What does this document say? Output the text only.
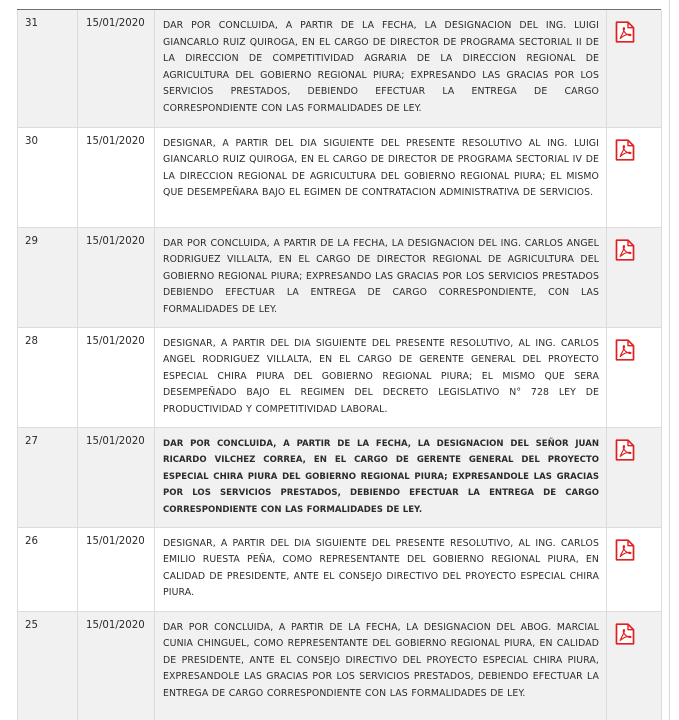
31	15/01/2020	DAR POR CONCLUIDA, A PARTIR DE LA FECHA, LA DESIGNACION DEL ING. LUIGI GIANCARLO RUIZ QUIROGA, EN EL CARGO DE DIRECTOR DE PROGRAMA SECTORIAL II DE LA DIRECCION DE COMPETITIVIDAD AGRARIA DE LA DIRECCION REGIONAL DE AGRICULTURA DEL GOBIERNO REGIONAL PIURA; EXPRESANDO LAS GRACIAS POR LOS SERVICIOS PRESTADOS, DEBIENDO EFECTUAR LA ENTREGA DE CARGO CORRESPONDIENTE CON LAS FORMALIDADES DE LEY.

30	15/01/2020	DESIGNAR, A PARTIR DEL DIA SIGUIENTE DEL PRESENTE RESOLUTIVO AL ING. LUIGI GIANCARLO RUIZ QUIROGA, EN EL CARGO DE DIRECTOR DE PROGRAMA SECTORIAL IV DE LA DIRECCION REGIONAL DE AGRICULTURA DEL GOBIERNO REGIONAL PIURA; EL MISMO QUE DESEMPEÑARA BAJO EL EGIMEN DE CONTRATACION ADMINISTRATIVA DE SERVICIOS.

29	15/01/2020	DAR POR CONCLUIDA, A PARTIR DE LA FECHA, LA DESIGNACION DEL ING. CARLOS ANGEL RODRIGUEZ VILLALTA, EN EL CARGO DE DIRECTOR REGIONAL DE AGRICULTURA DEL GOBIERNO REGIONAL PIURA; EXPRESANDO LAS GRACIAS POR LOS SERVICIOS PRESTADOS DEBIENDO EFECTUAR LA ENTREGA DE CARGO CORRESPONDIENTE, CON LAS FORMALIDADES DE LEY.

28	15/01/2020	DESIGNAR, A PARTIR DEL DIA SIGUIENTE DEL PRESENTE RESOLUTIVO, AL ING. CARLOS ANGEL RODRIGUEZ VILLALTA, EN EL CARGO DE GERENTE GENERAL DEL PROYECTO ESPECIAL CHIRA PIURA DEL GOBIERNO REGIONAL PIURA; EL MISMO QUE SERA DESEMPEÑADO BAJO EL REGIMEN DEL DECRETO LEGISLATIVO N° 728 LEY DE PRODUCTIVIDAD Y COMPETITIVIDAD LABORAL.

27	15/01/2020	DAR POR CONCLUIDA, A PARTIR DE LA FECHA, LA DESIGNACION DEL SEÑOR JUAN RICARDO VILCHEZ CORREA, EN EL CARGO DE GERENTE GENERAL DEL PROYECTO ESPECIAL CHIRA PIURA DEL GOBIERNO REGIONAL PIURA; EXPRESANDOLE LAS GRACIAS POR LOS SERVICIOS PRESTADOS, DEBIENDO EFECTUAR LA ENTREGA DE CARGO CORRESPONDIENTE CON LAS FORMALIDADES DE LEY.

26	15/01/2020	DESIGNAR, A PARTIR DEL DIA SIGUIENTE DEL PRESENTE RESOLUTIVO, AL ING. CARLOS EMILIO RUESTA PEÑA, COMO REPRESENTANTE DEL GOBIERNO REGIONAL PIURA, EN CALIDAD DE PRESIDENTE, ANTE EL CONSEJO DIRECTIVO DEL PROYECTO ESPECIAL CHIRA PIURA.

25	15/01/2020	DAR POR CONCLUIDA, A PARTIR DE LA FECHA, LA DESIGNACION DEL ABOG. MARCIAL CUNIA CHINGUEL, COMO REPRESENTANTE DEL GOBIERNO REGIONAL PIURA, EN CALIDAD DE PRESIDENTE, ANTE EL CONSEJO DIRECTIVO DEL PROYECTO ESPECIAL CHIRA PIURA, EXPRESANDOLE LAS GRACIAS POR LOS SERVICIOS PRESTADOS, DEBIENDO EFECTUAR LA ENTREGA DE CARGO CORRESPONDIENTE CON LAS FORMALIDADES DE LEY.
